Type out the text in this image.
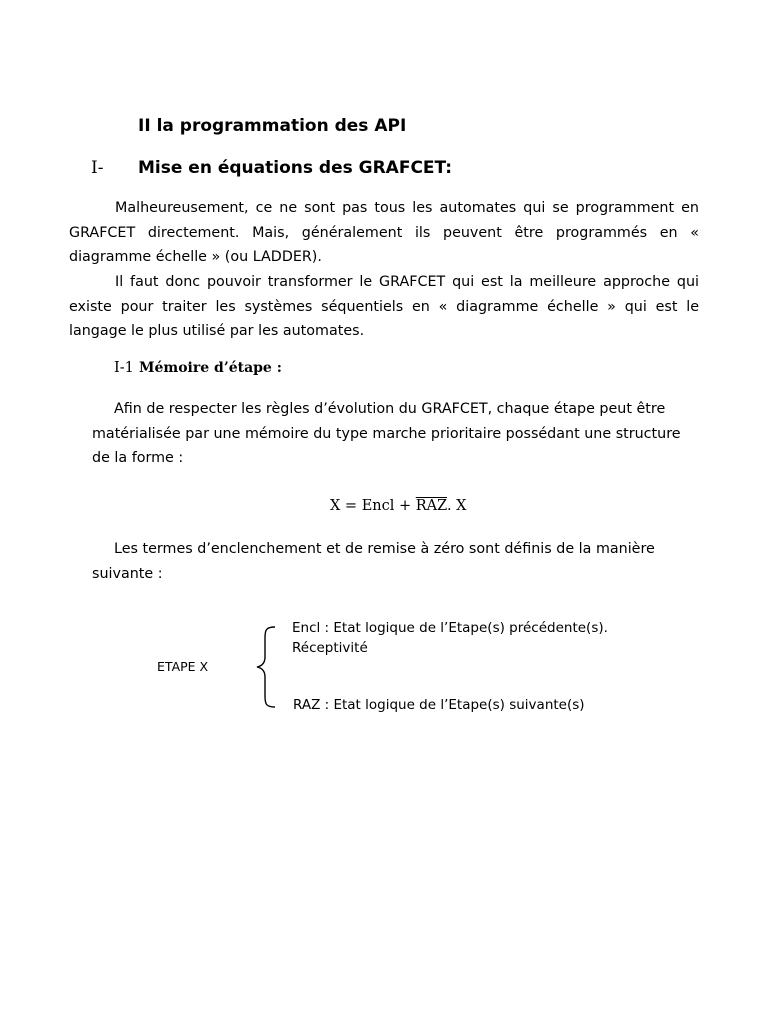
II la programmation des API
I- Mise en équations des GRAFCET:

Malheureusement, ce ne sont pas tous les automates qui se programment en GRAFCET directement. Mais, généralement ils peuvent être programmés en « diagramme échelle » (ou LADDER).

Il faut donc pouvoir transformer le GRAFCET qui est la meilleure approche qui existe pour traiter les systèmes séquentiels en « diagramme échelle » qui est le langage le plus utilisé par les automates.

I-1 Mémoire d’étape :

Afin de respecter les règles d’évolution du GRAFCET, chaque étape peut être matérialisée par une mémoire du type marche prioritaire possédant une structure de la forme :

X = Encl + $\overline{RAZ}$. X

Les termes d’enclenchement et de remise à zéro sont définis de la manière suivante :

ETAPE X
Encl : Etat logique de l’Etape(s) précédente(s).
Réceptivité
RAZ : Etat logique de l’Etape(s) suivante(s)
